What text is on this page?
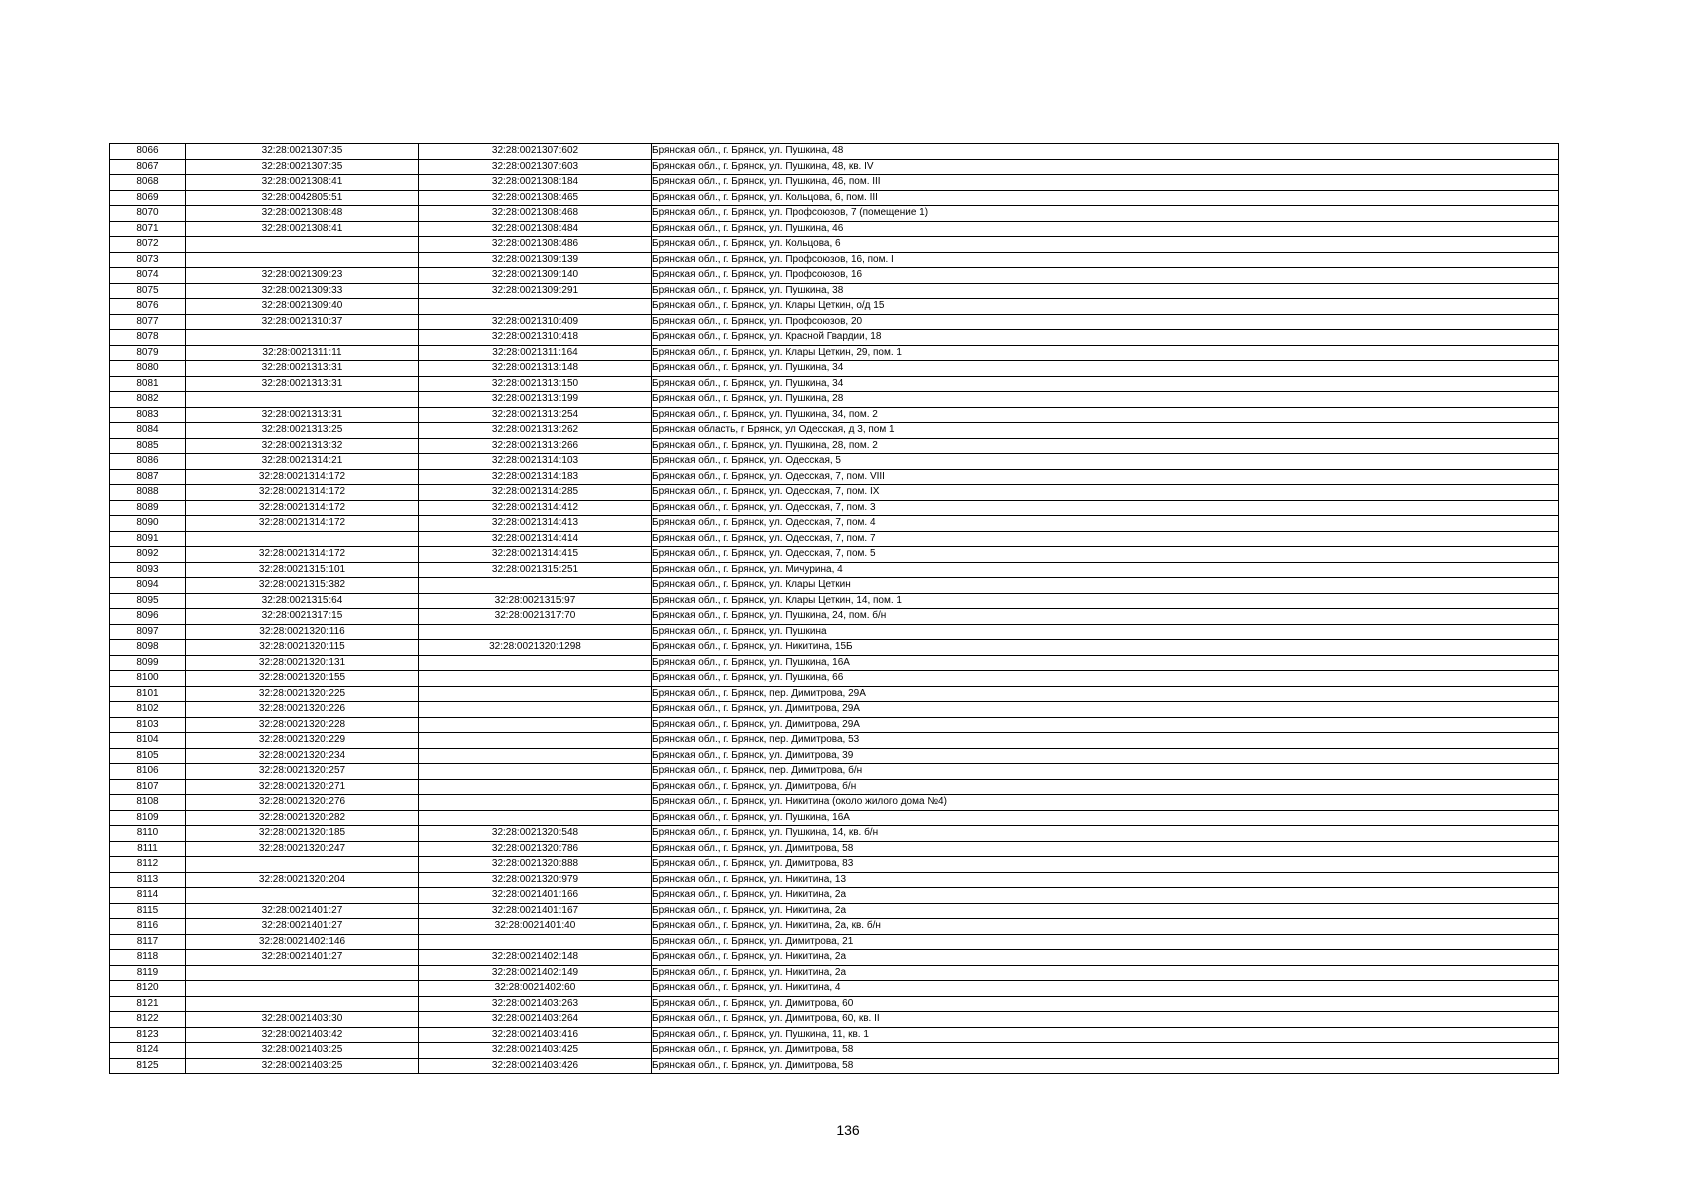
8066	32:28:0021307:35	32:28:0021307:602	Брянская обл., г. Брянск, ул. Пушкина, 48
8067	32:28:0021307:35	32:28:0021307:603	Брянская обл., г. Брянск, ул. Пушкина, 48, кв. IV
8068	32:28:0021308:41	32:28:0021308:184	Брянская обл., г. Брянск, ул. Пушкина, 46, пом. III
8069	32:28:0042805:51	32:28:0021308:465	Брянская обл., г. Брянск, ул. Кольцова, 6, пом. III
8070	32:28:0021308:48	32:28:0021308:468	Брянская обл., г. Брянск, ул. Профсоюзов, 7 (помещение 1)
8071	32:28:0021308:41	32:28:0021308:484	Брянская обл., г. Брянск, ул. Пушкина, 46
8072		32:28:0021308:486	Брянская обл., г. Брянск, ул. Кольцова, 6
8073		32:28:0021309:139	Брянская обл., г. Брянск, ул. Профсоюзов, 16, пом. I
8074	32:28:0021309:23	32:28:0021309:140	Брянская обл., г. Брянск, ул. Профсоюзов, 16
8075	32:28:0021309:33	32:28:0021309:291	Брянская обл., г. Брянск, ул. Пушкина, 38
8076	32:28:0021309:40		Брянская обл., г. Брянск, ул. Клары Цеткин, о/д 15
8077	32:28:0021310:37	32:28:0021310:409	Брянская обл., г. Брянск, ул. Профсоюзов, 20
8078		32:28:0021310:418	Брянская обл., г. Брянск, ул. Красной Гвардии, 18
8079	32:28:0021311:11	32:28:0021311:164	Брянская обл., г. Брянск, ул. Клары Цеткин, 29, пом. 1
8080	32:28:0021313:31	32:28:0021313:148	Брянская обл., г. Брянск, ул. Пушкина, 34
8081	32:28:0021313:31	32:28:0021313:150	Брянская обл., г. Брянск, ул. Пушкина, 34
8082		32:28:0021313:199	Брянская обл., г. Брянск, ул. Пушкина, 28
8083	32:28:0021313:31	32:28:0021313:254	Брянская обл., г. Брянск, ул. Пушкина, 34, пом. 2
8084	32:28:0021313:25	32:28:0021313:262	Брянская область, г Брянск, ул Одесская, д 3, пом 1
8085	32:28:0021313:32	32:28:0021313:266	Брянская обл., г. Брянск, ул. Пушкина, 28, пом. 2
8086	32:28:0021314:21	32:28:0021314:103	Брянская обл., г. Брянск, ул. Одесская, 5
8087	32:28:0021314:172	32:28:0021314:183	Брянская обл., г. Брянск, ул. Одесская, 7, пом. VIII
8088	32:28:0021314:172	32:28:0021314:285	Брянская обл., г. Брянск, ул. Одесская, 7, пом. IX
8089	32:28:0021314:172	32:28:0021314:412	Брянская обл., г. Брянск, ул. Одесская, 7, пом. 3
8090	32:28:0021314:172	32:28:0021314:413	Брянская обл., г. Брянск, ул. Одесская, 7, пом. 4
8091		32:28:0021314:414	Брянская обл., г. Брянск, ул. Одесская, 7, пом. 7
8092	32:28:0021314:172	32:28:0021314:415	Брянская обл., г. Брянск, ул. Одесская, 7, пом. 5
8093	32:28:0021315:101	32:28:0021315:251	Брянская обл., г. Брянск, ул. Мичурина, 4
8094	32:28:0021315:382		Брянская обл., г. Брянск, ул. Клары Цеткин
8095	32:28:0021315:64	32:28:0021315:97	Брянская обл., г. Брянск, ул. Клары Цеткин, 14, пом. 1
8096	32:28:0021317:15	32:28:0021317:70	Брянская обл., г. Брянск, ул. Пушкина, 24, пом. б/н
8097	32:28:0021320:116		Брянская обл., г. Брянск, ул. Пушкина
8098	32:28:0021320:115	32:28:0021320:1298	Брянская обл., г. Брянск, ул. Никитина, 15Б
8099	32:28:0021320:131		Брянская обл., г. Брянск, ул. Пушкина, 16А
8100	32:28:0021320:155		Брянская обл., г. Брянск, ул. Пушкина, 66
8101	32:28:0021320:225		Брянская обл., г. Брянск, пер. Димитрова, 29А
8102	32:28:0021320:226		Брянская обл., г. Брянск, ул. Димитрова, 29А
8103	32:28:0021320:228		Брянская обл., г. Брянск, ул. Димитрова, 29А
8104	32:28:0021320:229		Брянская обл., г. Брянск, пер. Димитрова, 53
8105	32:28:0021320:234		Брянская обл., г. Брянск, ул. Димитрова, 39
8106	32:28:0021320:257		Брянская обл., г. Брянск, пер. Димитрова, б/н
8107	32:28:0021320:271		Брянская обл., г. Брянск, ул. Димитрова, б/н
8108	32:28:0021320:276		Брянская обл., г. Брянск, ул. Никитина (около жилого дома №4)
8109	32:28:0021320:282		Брянская обл., г. Брянск, ул. Пушкина, 16А
8110	32:28:0021320:185	32:28:0021320:548	Брянская обл., г. Брянск, ул. Пушкина, 14, кв. б/н
8111	32:28:0021320:247	32:28:0021320:786	Брянская обл., г. Брянск, ул. Димитрова, 58
8112		32:28:0021320:888	Брянская обл., г. Брянск, ул. Димитрова, 83
8113	32:28:0021320:204	32:28:0021320:979	Брянская обл., г. Брянск, ул. Никитина, 13
8114		32:28:0021401:166	Брянская обл., г. Брянск, ул. Никитина, 2а
8115	32:28:0021401:27	32:28:0021401:167	Брянская обл., г. Брянск, ул. Никитина, 2а
8116	32:28:0021401:27	32:28:0021401:40	Брянская обл., г. Брянск, ул. Никитина, 2а, кв. б/н
8117	32:28:0021402:146		Брянская обл., г. Брянск, ул. Димитрова, 21
8118	32:28:0021401:27	32:28:0021402:148	Брянская обл., г. Брянск, ул. Никитина, 2а
8119		32:28:0021402:149	Брянская обл., г. Брянск, ул. Никитина, 2а
8120		32:28:0021402:60	Брянская обл., г. Брянск, ул. Никитина, 4
8121		32:28:0021403:263	Брянская обл., г. Брянск, ул. Димитрова, 60
8122	32:28:0021403:30	32:28:0021403:264	Брянская обл., г. Брянск, ул. Димитрова, 60, кв. II
8123	32:28:0021403:42	32:28:0021403:416	Брянская обл., г. Брянск, ул. Пушкина, 11, кв. 1
8124	32:28:0021403:25	32:28:0021403:425	Брянская обл., г. Брянск, ул. Димитрова, 58
8125	32:28:0021403:25	32:28:0021403:426	Брянская обл., г. Брянск, ул. Димитрова, 58
136
